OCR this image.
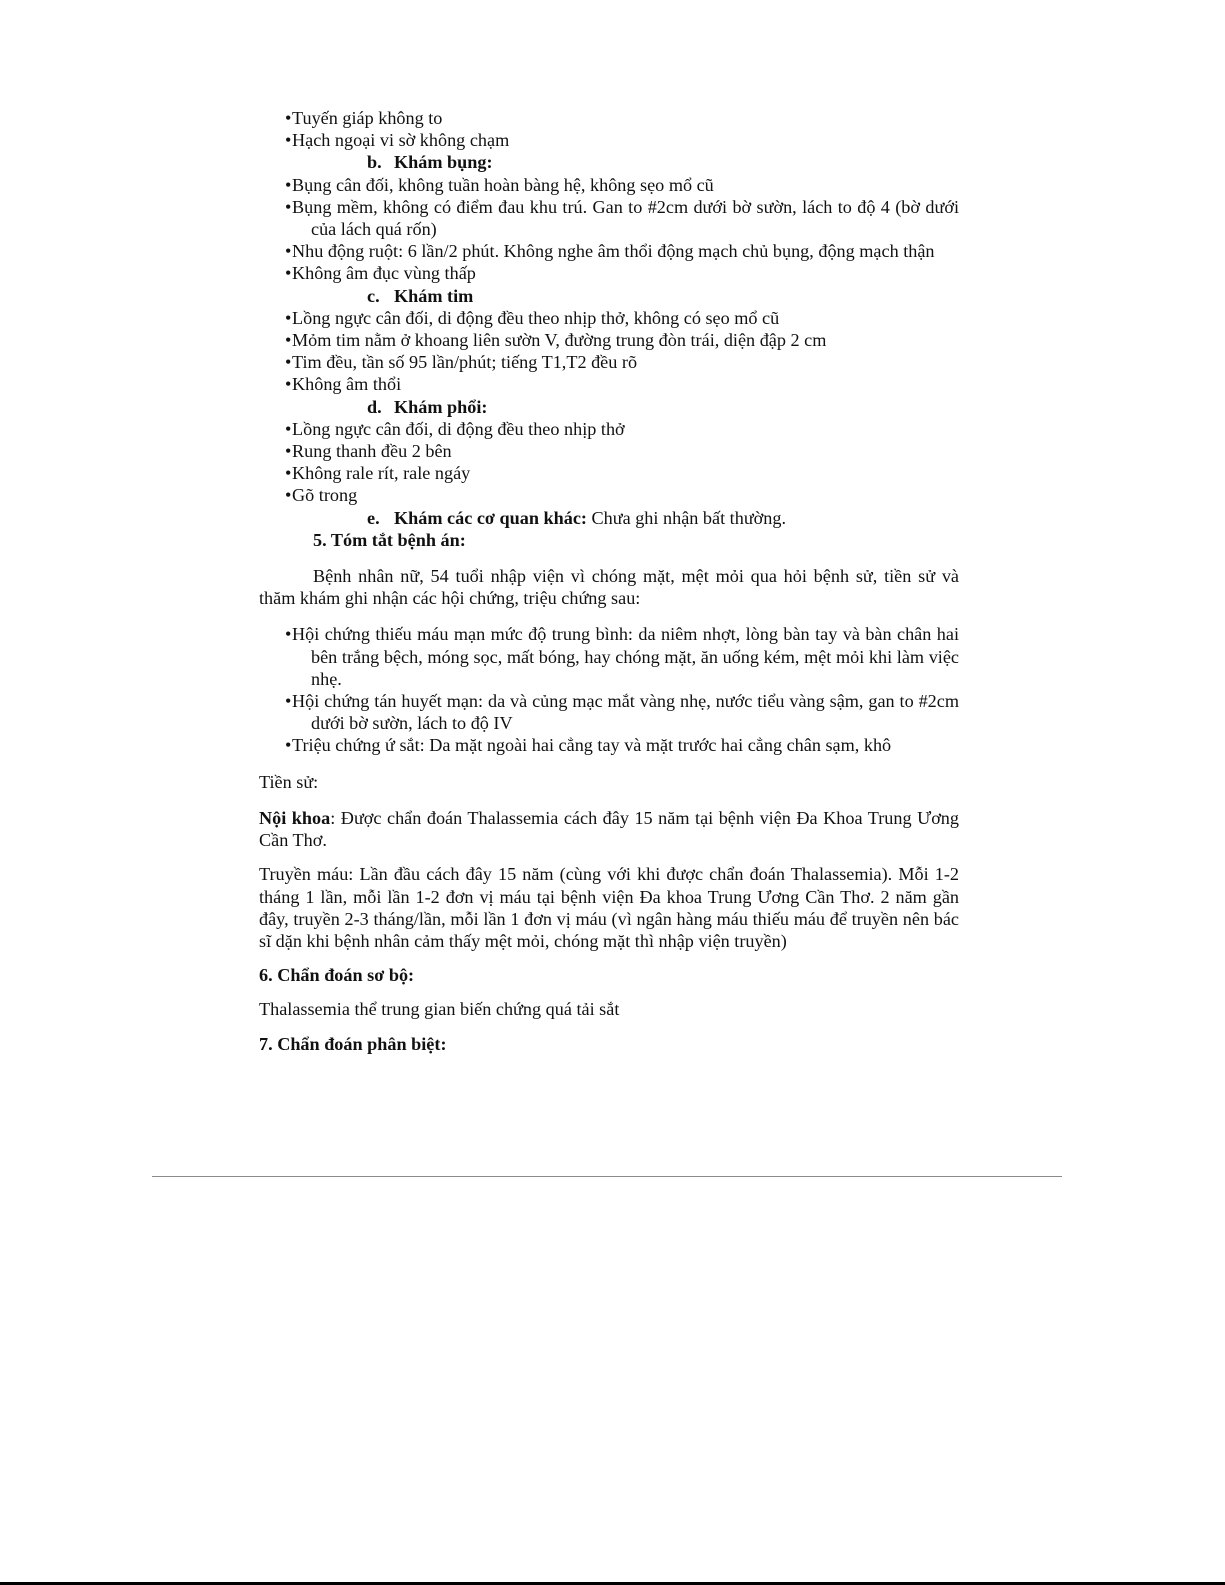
•Tuyến giáp không to
•Hạch ngoại vi sờ không chạm
b. Khám bụng:
•Bụng cân đối, không tuần hoàn bàng hệ, không sẹo mổ cũ
•Bụng mềm, không có điểm đau khu trú. Gan to #2cm dưới bờ sườn, lách to độ 4 (bờ dưới của lách quá rốn)
•Nhu động ruột: 6 lần/2 phút. Không nghe âm thổi động mạch chủ bụng, động mạch thận
•Không âm đục vùng thấp
c. Khám tim
•Lồng ngực cân đối, di động đều theo nhịp thở, không có sẹo mổ cũ
•Mỏm tim nằm ở khoang liên sườn V, đường trung đòn trái, diện đập 2 cm
•Tim đều, tần số 95 lần/phút; tiếng T1,T2 đều rõ
•Không âm thổi
d. Khám phổi:
•Lồng ngực cân đối, di động đều theo nhịp thở
•Rung thanh đều 2 bên
•Không rale rít, rale ngáy
•Gõ trong
e. Khám các cơ quan khác: Chưa ghi nhận bất thường.
5. Tóm tắt bệnh án:
Bệnh nhân nữ, 54 tuổi nhập viện vì chóng mặt, mệt mỏi qua hỏi bệnh sử, tiền sử và thăm khám ghi nhận các hội chứng, triệu chứng sau:
•Hội chứng thiếu máu mạn mức độ trung bình: da niêm nhợt, lòng bàn tay và bàn chân hai bên trắng bệch, móng sọc, mất bóng, hay chóng mặt, ăn uống kém, mệt mỏi khi làm việc nhẹ.
•Hội chứng tán huyết mạn: da và củng mạc mắt vàng nhẹ, nước tiểu vàng sậm, gan to #2cm dưới bờ sườn, lách to độ IV
•Triệu chứng ứ sắt: Da mặt ngoài hai cẳng tay và mặt trước hai cẳng chân sạm, khô
Tiền sử:
Nội khoa: Được chẩn đoán Thalassemia cách đây 15 năm tại bệnh viện Đa Khoa Trung Ương Cần Thơ.
Truyền máu: Lần đầu cách đây 15 năm (cùng với khi được chẩn đoán Thalassemia). Mỗi 1-2 tháng 1 lần, mỗi lần 1-2 đơn vị máu tại bệnh viện Đa khoa Trung Ương Cần Thơ. 2 năm gần đây, truyền 2-3 tháng/lần, mỗi lần 1 đơn vị máu (vì ngân hàng máu thiếu máu để truyền nên bác sĩ dặn khi bệnh nhân cảm thấy mệt mỏi, chóng mặt thì nhập viện truyền)
6. Chẩn đoán sơ bộ:
Thalassemia thể trung gian biến chứng quá tải sắt
7. Chẩn đoán phân biệt:
